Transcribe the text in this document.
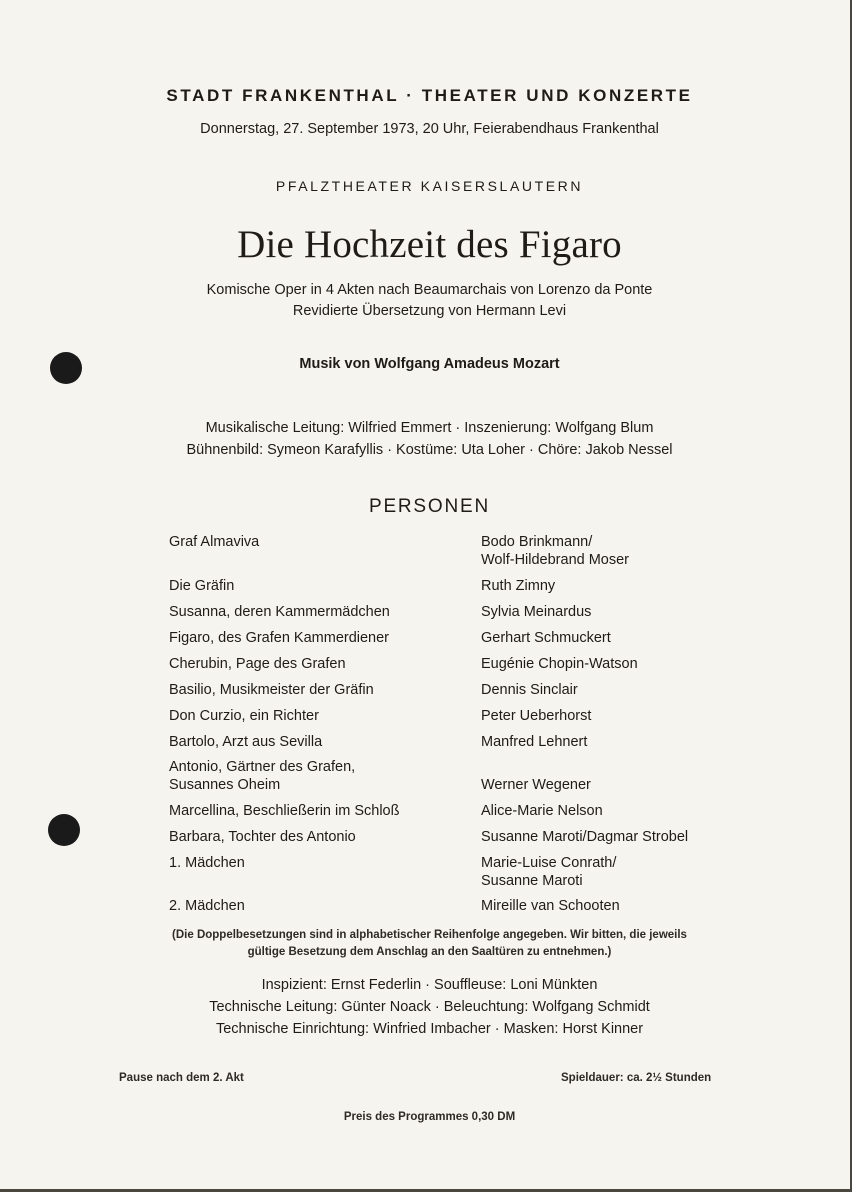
STADT FRANKENTHAL · THEATER UND KONZERTE
Donnerstag, 27. September 1973, 20 Uhr, Feierabendhaus Frankenthal
PFALZTHEATER KAISERSLAUTERN
Die Hochzeit des Figaro
Komische Oper in 4 Akten nach Beaumarchais von Lorenzo da Ponte
Revidierte Übersetzung von Hermann Levi
Musik von Wolfgang Amadeus Mozart
Musikalische Leitung: Wilfried Emmert · Inszenierung: Wolfgang Blum
Bühnenbild: Symeon Karafyllis · Kostüme: Uta Loher · Chöre: Jakob Nessel
PERSONEN
Graf Almaviva	Bodo Brinkmann/
Wolf-Hildebrand Moser
Die Gräfin	Ruth Zimny
Susanna, deren Kammermädchen	Sylvia Meinardus
Figaro, des Grafen Kammerdiener	Gerhart Schmuckert
Cherubin, Page des Grafen	Eugénie Chopin-Watson
Basilio, Musikmeister der Gräfin	Dennis Sinclair
Don Curzio, ein Richter	Peter Ueberhorst
Bartolo, Arzt aus Sevilla	Manfred Lehnert
Antonio, Gärtner des Grafen,
Susannes Oheim	Werner Wegener
Marcellina, Beschließerin im Schloß	Alice-Marie Nelson
Barbara, Tochter des Antonio	Susanne Maroti/Dagmar Strobel
1. Mädchen	Marie-Luise Conrath/
Susanne Maroti
2. Mädchen	Mireille van Schooten
(Die Doppelbesetzungen sind in alphabetischer Reihenfolge angegeben. Wir bitten, die jeweils
gültige Besetzung dem Anschlag an den Saaltüren zu entnehmen.)
Inspizient: Ernst Federlin · Souffleuse: Loni Münkten
Technische Leitung: Günter Noack · Beleuchtung: Wolfgang Schmidt
Technische Einrichtung: Winfried Imbacher · Masken: Horst Kinner
Pause nach dem 2. Akt	Spieldauer: ca. 2½ Stunden
Preis des Programmes 0,30 DM
